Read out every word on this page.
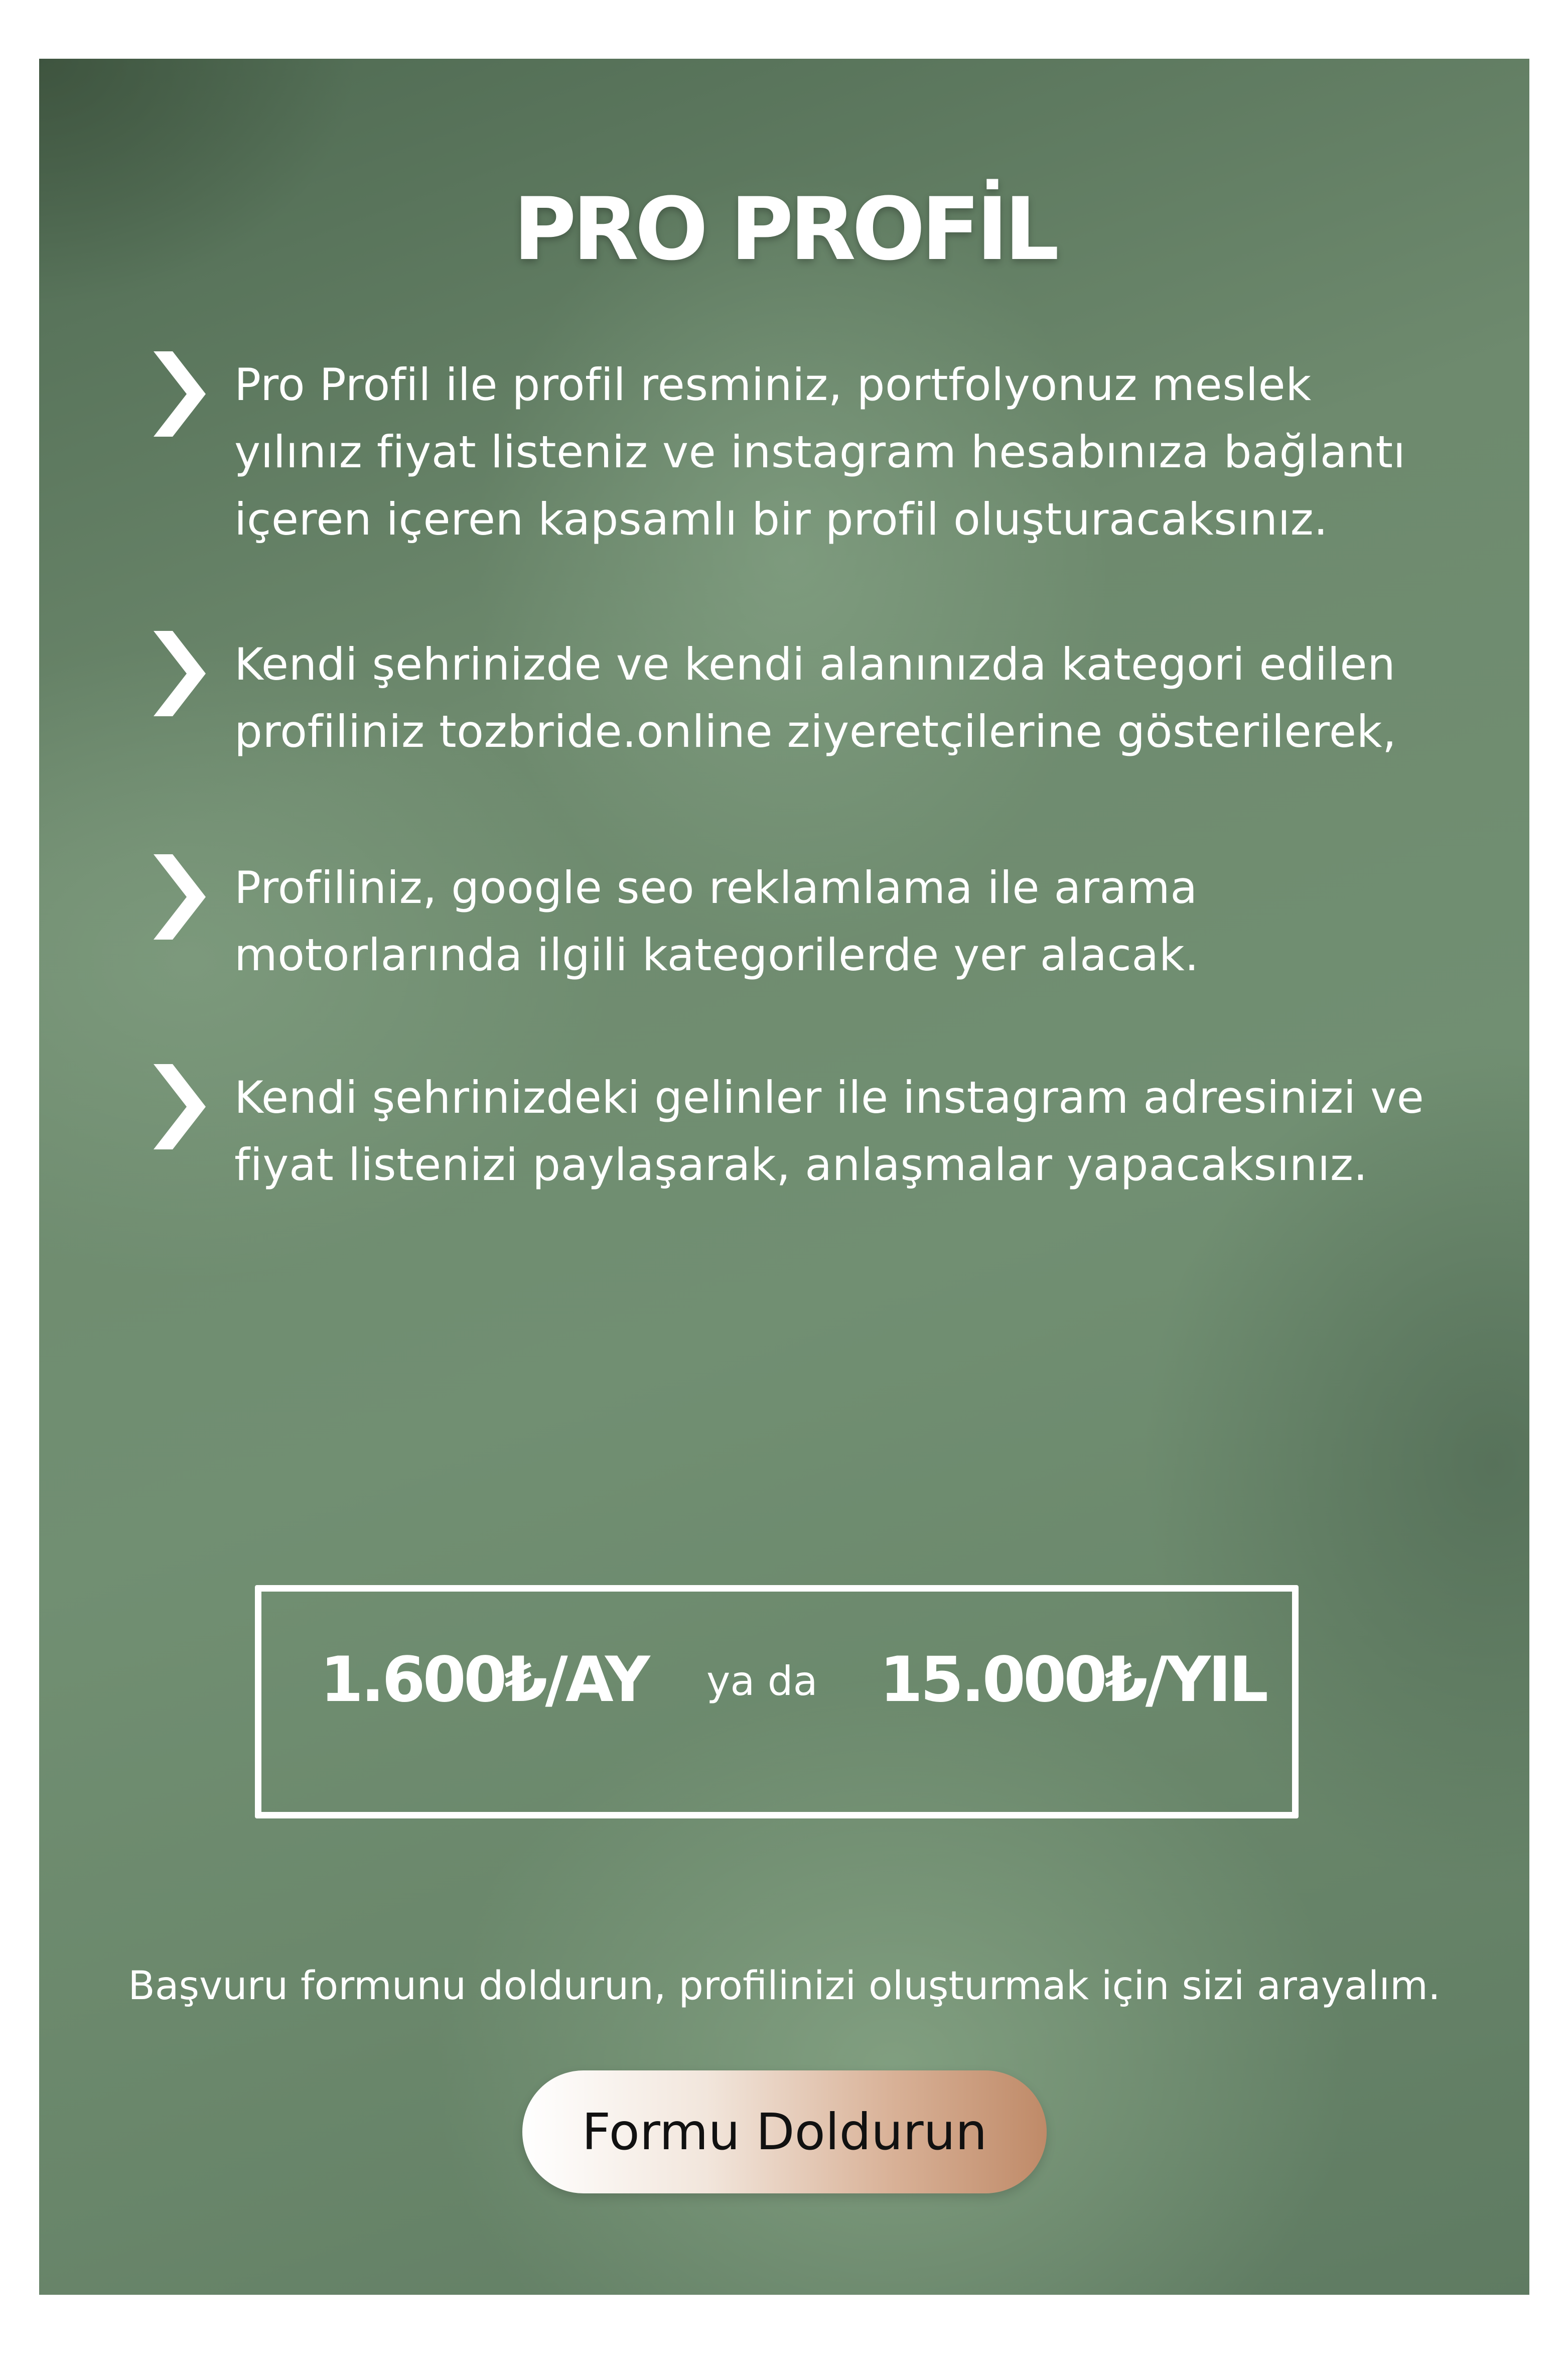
PRO PROFİL
Pro Profil ile profil resminiz, portfolyonuz meslek
yılınız fiyat listeniz ve instagram hesabınıza bağlantı
içeren içeren kapsamlı bir profil oluşturacaksınız.
Kendi şehrinizde ve kendi alanınızda kategori edilen
profiliniz tozbride.online ziyeretçilerine gösterilerek,
Profiliniz, google seo reklamlama ile arama
motorlarında ilgili kategorilerde yer alacak.
Kendi şehrinizdeki gelinler ile instagram adresinizi ve
fiyat listenizi paylaşarak, anlaşmalar yapacaksınız.
1.600₺/AY ya da 15.000₺/YIL
Başvuru formunu doldurun, profilinizi oluşturmak için sizi arayalım.
Formu Doldurun
